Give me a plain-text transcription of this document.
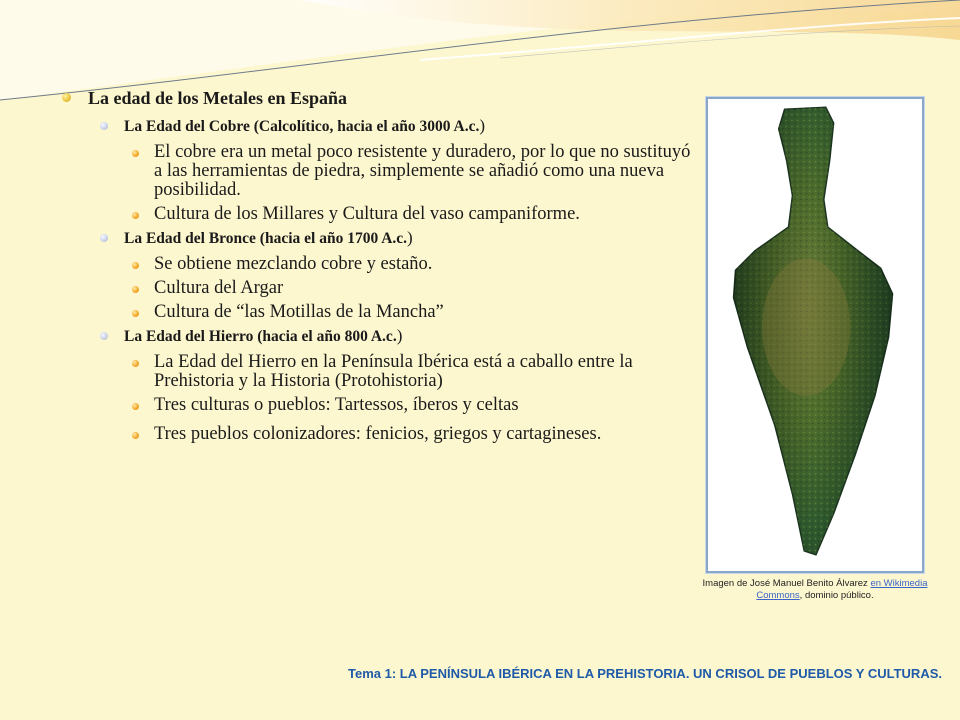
La edad de los Metales en España
La Edad del Cobre (Calcolítico, hacia el año 3000 A.c.)
El cobre era un metal poco resistente y duradero, por lo que no sustituyó a las herramientas de piedra, simplemente se añadió como una nueva posibilidad.
Cultura de los Millares y Cultura del vaso campaniforme.
La Edad del Bronce (hacia el año 1700 A.c.)
Se obtiene mezclando cobre y estaño.
Cultura del Argar
Cultura de “las Motillas de la Mancha”
La Edad del Hierro (hacia el año 800 A.c.)
La Edad del Hierro en la Península Ibérica está a caballo entre la Prehistoria y la Historia (Protohistoria)
Tres culturas o pueblos: Tartessos, íberos y celtas
Tres pueblos colonizadores: fenicios, griegos y cartagineses.
Imagen de José Manuel Benito Álvarez en Wikimedia Commons, dominio público.
Tema 1: LA PENÍNSULA IBÉRICA EN LA PREHISTORIA. UN CRISOL DE PUEBLOS Y CULTURAS.
